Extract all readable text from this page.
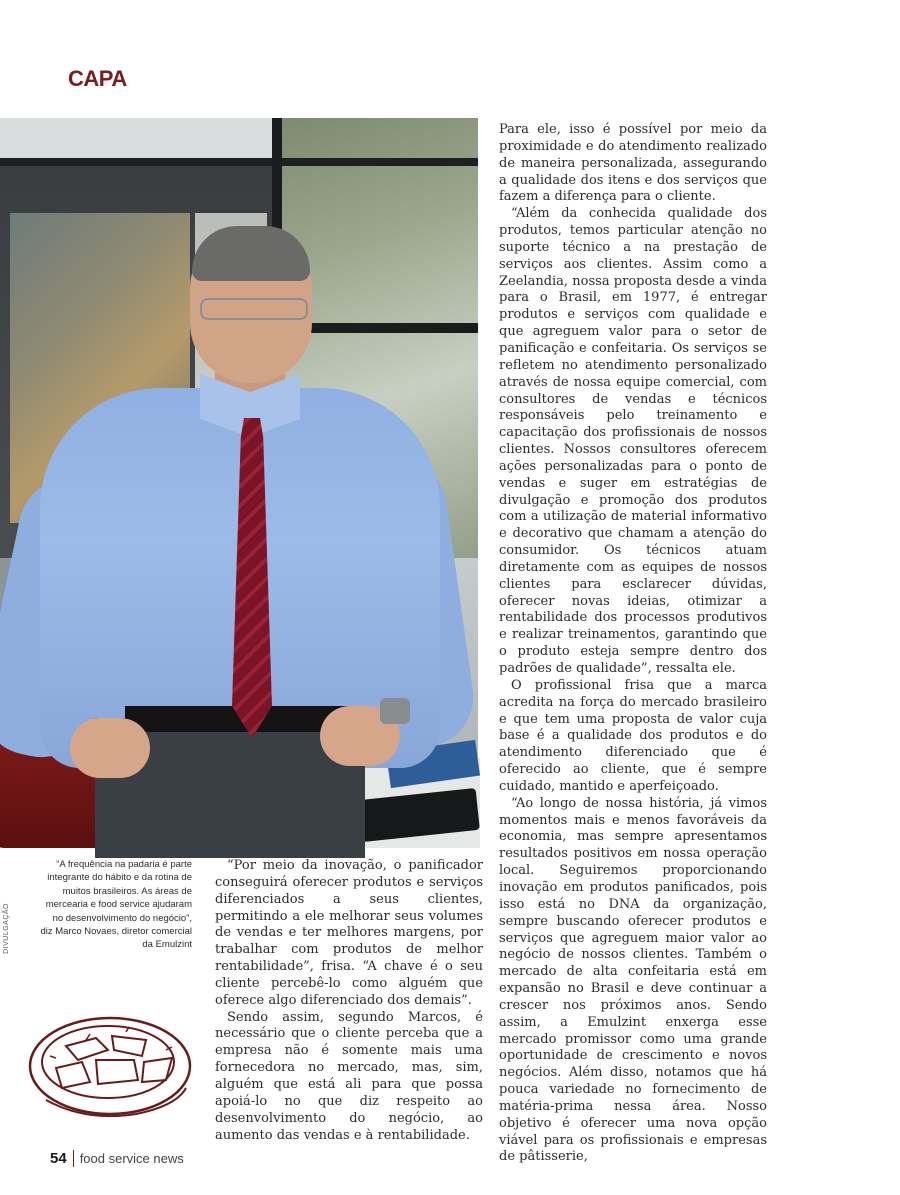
CAPA
DIVULGAÇÃO
“A frequência na padaria é parte integrante do hábito e da rotina de muitos brasileiros. As áreas de mercearia e food service ajudaram no desenvolvimento do negócio”, diz Marco Novaes, diretor comercial da Emulzint

“Por meio da inovação, o panificador conseguirá oferecer produtos e serviços diferenciados a seus clientes, permitindo a ele melhorar seus volumes de vendas e ter melhores margens, por trabalhar com produtos de melhor rentabilidade”, frisa. “A chave é o seu cliente percebê-lo como alguém que oferece algo diferenciado dos demais”.

Sendo assim, segundo Marcos, é necessário que o cliente perceba que a empresa não é somente mais uma fornecedora no mercado, mas, sim, alguém que está ali para que possa apoiá-lo no que diz respeito ao desenvolvimento do negócio, ao aumento das vendas e à rentabilidade.

Para ele, isso é possível por meio da proximidade e do atendimento realizado de maneira personalizada, assegurando a qualidade dos itens e dos serviços que fazem a diferença para o cliente.

“Além da conhecida qualidade dos produtos, temos particular atenção no suporte técnico a na prestação de serviços aos clientes. Assim como a Zeelandia, nossa proposta desde a vinda para o Brasil, em 1977, é entregar produtos e serviços com qualidade e que agreguem valor para o setor de panificação e confeitaria. Os serviços se refletem no atendimento personalizado através de nossa equipe comercial, com consultores de vendas e técnicos responsáveis pelo treinamento e capacitação dos profissionais de nossos clientes. Nossos consultores oferecem ações personalizadas para o ponto de vendas e suger em estratégias de divulgação e promoção dos produtos com a utilização de material informativo e decorativo que chamam a atenção do consumidor. Os técnicos atuam diretamente com as equipes de nossos clientes para esclarecer dúvidas, oferecer novas ideias, otimizar a rentabilidade dos processos produtivos e realizar treinamentos, garantindo que o produto esteja sempre dentro dos padrões de qualidade”, ressalta ele.

O profissional frisa que a marca acredita na força do mercado brasileiro e que tem uma proposta de valor cuja base é a qualidade dos produtos e do atendimento diferenciado que é oferecido ao cliente, que é sempre cuidado, mantido e aperfeiçoado.

“Ao longo de nossa história, já vimos momentos mais e menos favoráveis da economia, mas sempre apresentamos resultados positivos em nossa operação local. Seguiremos proporcionando inovação em produtos panificados, pois isso está no DNA da organização, sempre buscando oferecer produtos e serviços que agreguem maior valor ao negócio de nossos clientes. Também o mercado de alta confeitaria está em expansão no Brasil e deve continuar a crescer nos próximos anos. Sendo assim, a Emulzint enxerga esse mercado promissor como uma grande oportunidade de crescimento e novos negócios. Além disso, notamos que há pouca variedade no fornecimento de matéria-prima nessa área. Nosso objetivo é oferecer uma nova opção viável para os profissionais e empresas de pâtisserie,

54 food service news
